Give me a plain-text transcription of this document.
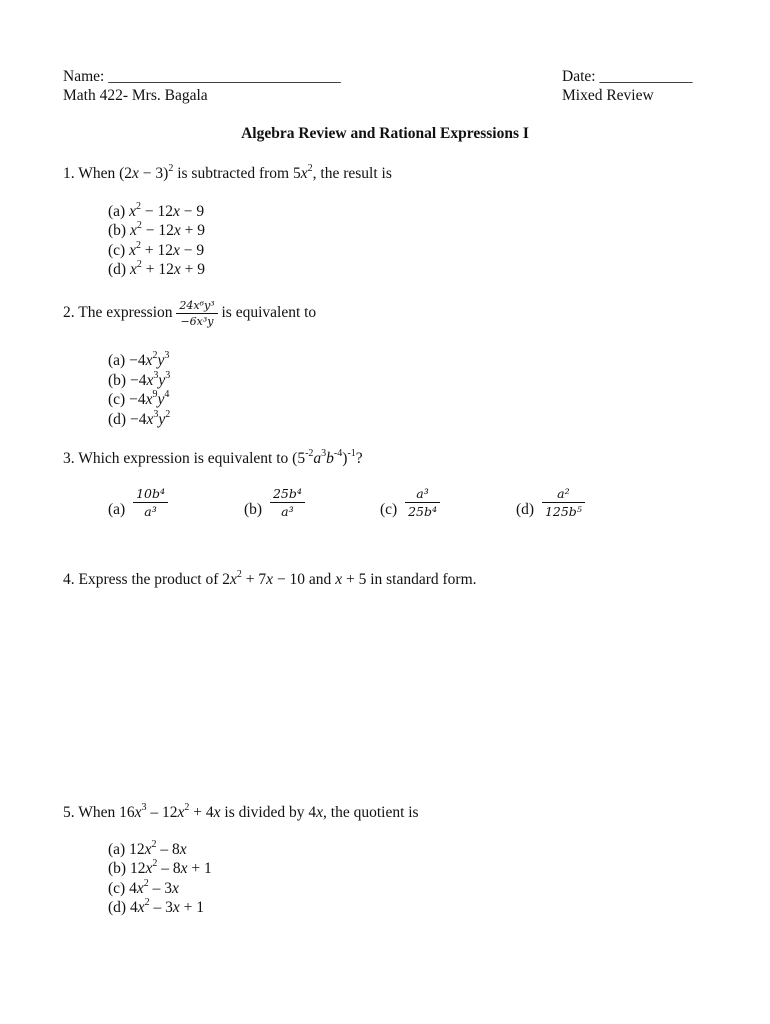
Name: ______________________________	Date: ____________
Math 422- Mrs. Bagala	Mixed Review
Algebra Review and Rational Expressions I
1. When $(2x - 3)^2$ is subtracted from $5x^2$, the result is
(a) $x^2 - 12x - 9$
(b) $x^2 - 12x + 9$
(c) $x^2 + 12x - 9$
(d) $x^2 + 12x + 9$
2. The expression $\frac{\text{24x⁶y³}}{\text{−6x³y}}$ is equivalent to
$(a) -4x^2y^3$
$(b) -4x^3y^3$
$(c) -4x^9y^4$
$(d) -4x^3y^2$
3. Which expression is equivalent to $(5^{-2}a^3b^{-4})^{-1}$?
$(a) \frac{\text{10b⁴}}{\text{a³}}$	$(b) \frac{\text{25b⁴}}{\text{a³}}$	$(c) \frac{\text{a³}}{\text{25b⁴}}$	$(d) \frac{\text{a²}}{\text{125b⁵}}$
4. Express the product of $2x^2 + 7x - 10$ and x + 5 in standard form.
5. When $16x^3 - 12x^2 + 4x$ is divided by 4x, the quotient is
(a) $12x^2 - 8x$
(b) $12x^2 - 8x + 1$
(c) $4x^2 - 3x$
(d) $4x^2 - 3x + 1$
